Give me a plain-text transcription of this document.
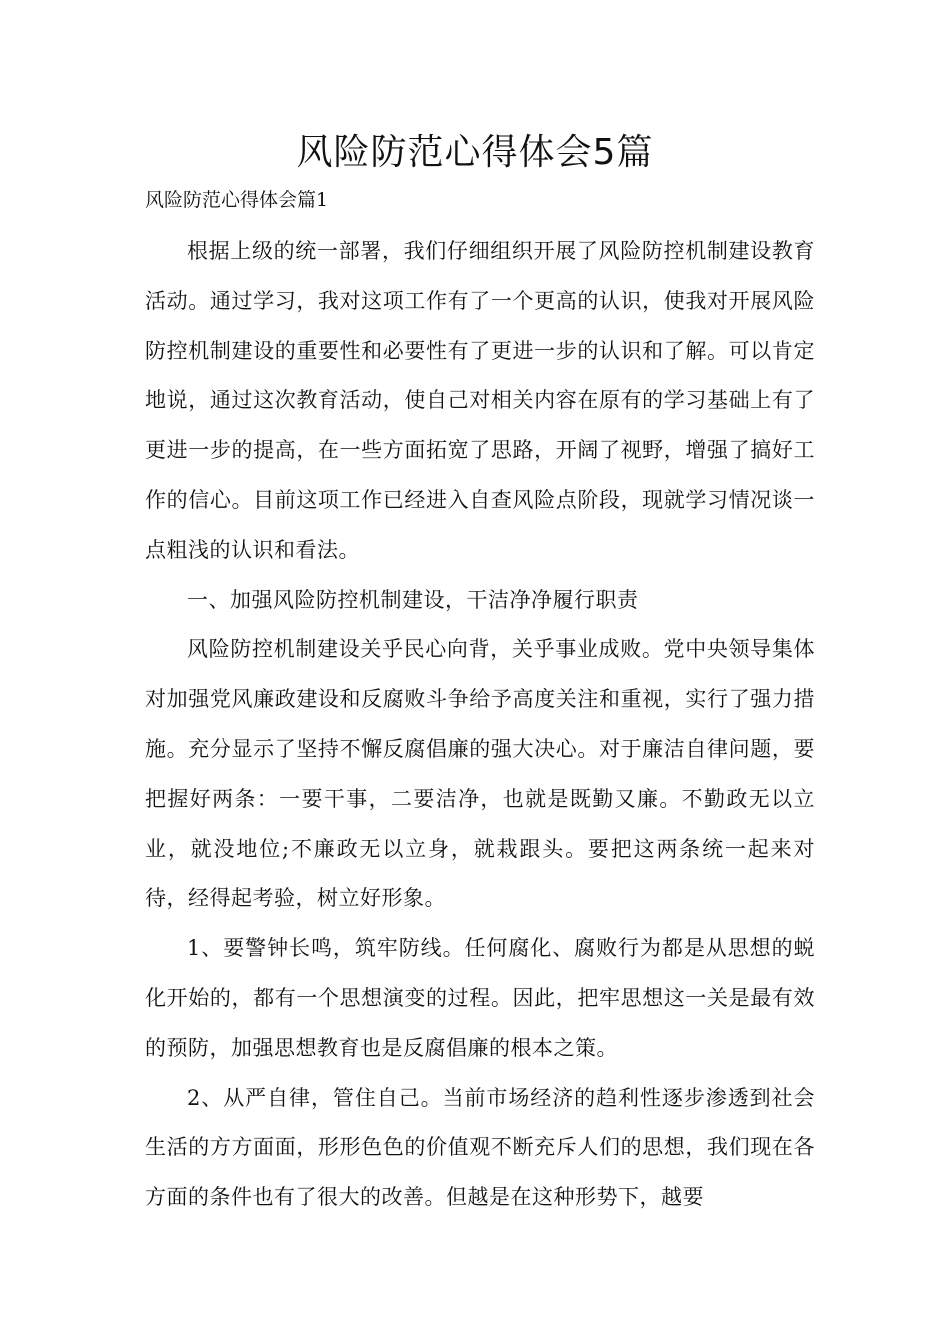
风险防范心得体会5篇
风险防范心得体会篇1

根据上级的统一部署，我们仔细组织开展了风险防控机制建设教育活动。通过学习，我对这项工作有了一个更高的认识，使我对开展风险防控机制建设的重要性和必要性有了更进一步的认识和了解。可以肯定地说，通过这次教育活动，使自己对相关内容在原有的学习基础上有了更进一步的提高，在一些方面拓宽了思路，开阔了视野，增强了搞好工作的信心。目前这项工作已经进入自查风险点阶段，现就学习情况谈一点粗浅的认识和看法。

一、加强风险防控机制建设，干洁净净履行职责

风险防控机制建设关乎民心向背，关乎事业成败。党中央领导集体对加强党风廉政建设和反腐败斗争给予高度关注和重视，实行了强力措施。充分显示了坚持不懈反腐倡廉的强大决心。对于廉洁自律问题，要把握好两条：一要干事，二要洁净，也就是既勤又廉。不勤政无以立业，就没地位;不廉政无以立身，就栽跟头。要把这两条统一起来对待，经得起考验，树立好形象。

1、要警钟长鸣，筑牢防线。任何腐化、腐败行为都是从思想的蜕化开始的，都有一个思想演变的过程。因此，把牢思想这一关是最有效的预防，加强思想教育也是反腐倡廉的根本之策。

2、从严自律，管住自己。当前市场经济的趋利性逐步渗透到社会生活的方方面面，形形色色的价值观不断充斥人们的思想，我们现在各方面的条件也有了很大的改善。但越是在这种形势下，越要
